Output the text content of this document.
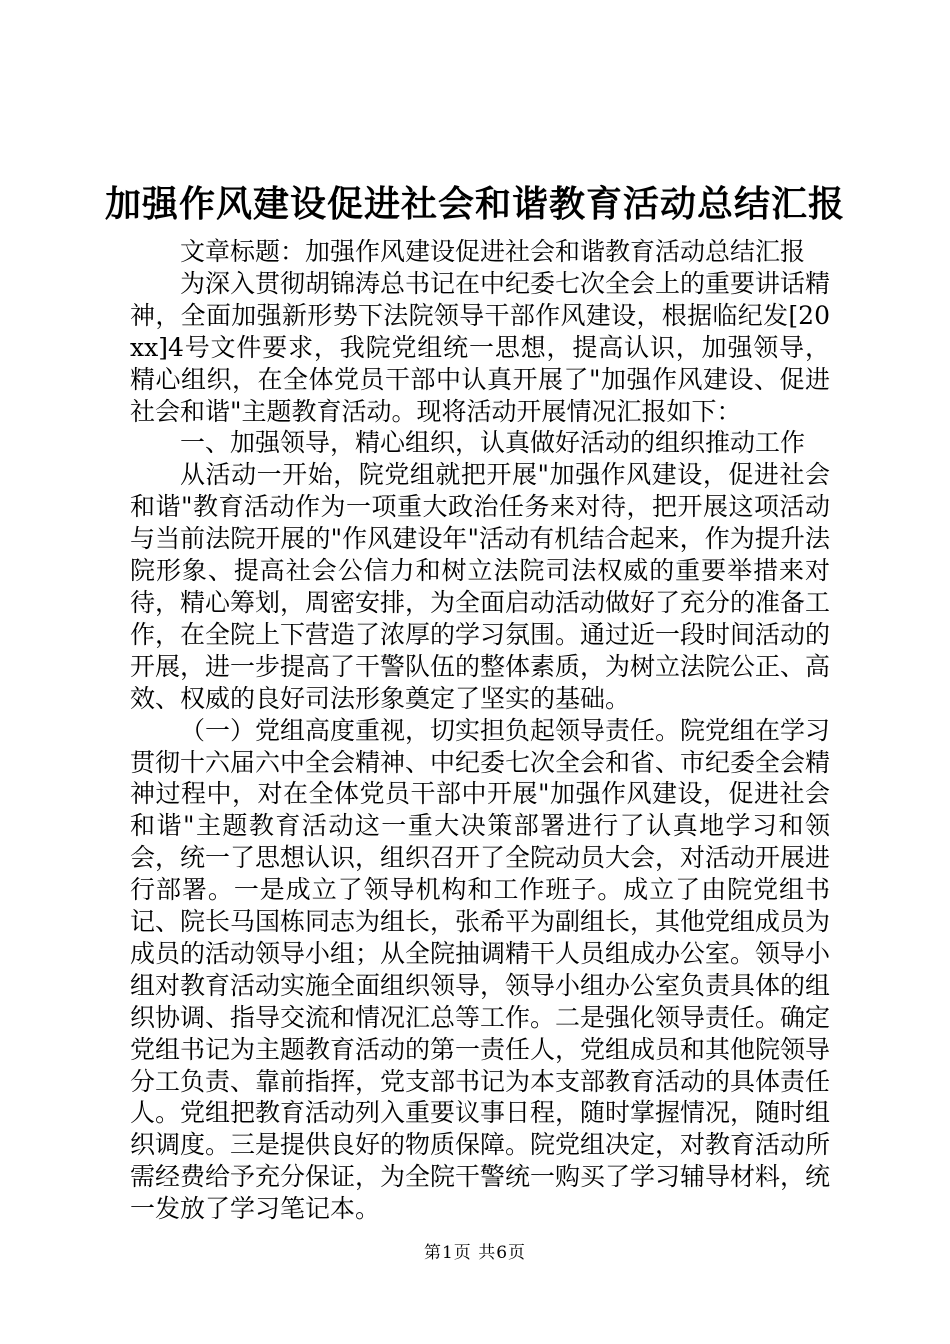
加强作风建设促进社会和谐教育活动总结汇报

文章标题：加强作风建设促进社会和谐教育活动总结汇报

为深入贯彻胡锦涛总书记在中纪委七次全会上的重要讲话精神，全面加强新形势下法院领导干部作风建设，根据临纪发[20xx]4号文件要求，我院党组统一思想，提高认识，加强领导，精心组织，在全体党员干部中认真开展了"加强作风建设、促进社会和谐"主题教育活动。现将活动开展情况汇报如下：

一、加强领导，精心组织，认真做好活动的组织推动工作

从活动一开始，院党组就把开展"加强作风建设，促进社会和谐"教育活动作为一项重大政治任务来对待，把开展这项活动与当前法院开展的"作风建设年"活动有机结合起来，作为提升法院形象、提高社会公信力和树立法院司法权威的重要举措来对待，精心筹划，周密安排，为全面启动活动做好了充分的准备工作，在全院上下营造了浓厚的学习氛围。通过近一段时间活动的开展，进一步提高了干警队伍的整体素质，为树立法院公正、高效、权威的良好司法形象奠定了坚实的基础。

（一）党组高度重视，切实担负起领导责任。院党组在学习贯彻十六届六中全会精神、中纪委七次全会和省、市纪委全会精神过程中，对在全体党员干部中开展"加强作风建设，促进社会和谐"主题教育活动这一重大决策部署进行了认真地学习和领会，统一了思想认识，组织召开了全院动员大会，对活动开展进行部署。一是成立了领导机构和工作班子。成立了由院党组书记、院长马国栋同志为组长，张希平为副组长，其他党组成员为成员的活动领导小组；从全院抽调精干人员组成办公室。领导小组对教育活动实施全面组织领导，领导小组办公室负责具体的组织协调、指导交流和情况汇总等工作。二是强化领导责任。确定党组书记为主题教育活动的第一责任人，党组成员和其他院领导分工负责、靠前指挥，党支部书记为本支部教育活动的具体责任人。党组把教育活动列入重要议事日程，随时掌握情况，随时组织调度。三是提供良好的物质保障。院党组决定，对教育活动所需经费给予充分保证，为全院干警统一购买了学习辅导材料，统一发放了学习笔记本。

第1页 共6页
